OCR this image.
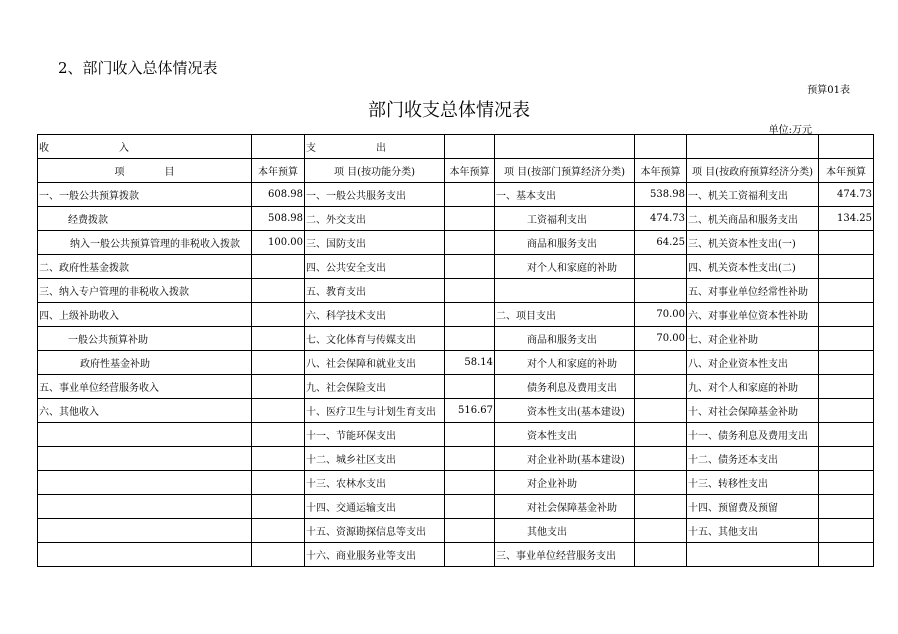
2、部门收入总体情况表
预算01表
部门收支总体情况表
单位:万元
收　　　　　　　入		支　　　　　　出					
项　　　　目	本年预算	项 目(按功能分类)	本年预算	项 目(按部门预算经济分类)	本年预算	项 目(按政府预算经济分类)	本年预算
一、一般公共预算拨款	608.98	一、一般公共服务支出		一、基本支出	538.98	一、机关工资福利支出	474.73
经费拨款	508.98	二、外交支出		工资福利支出	474.73	二、机关商品和服务支出	134.25
纳入一般公共预算管理的非税收入拨款	100.00	三、国防支出		商品和服务支出	64.25	三、机关资本性支出(一)	
二、政府性基金拨款		四、公共安全支出		对个人和家庭的补助		四、机关资本性支出(二)	
三、纳入专户管理的非税收入拨款		五、教育支出				五、对事业单位经常性补助	
四、上级补助收入		六、科学技术支出		二、项目支出	70.00	六、对事业单位资本性补助	
一般公共预算补助		七、文化体育与传媒支出		商品和服务支出	70.00	七、对企业补助	
政府性基金补助		八、社会保障和就业支出	58.14	对个人和家庭的补助		八、对企业资本性支出	
五、事业单位经营服务收入		九、社会保险支出		债务利息及费用支出		九、对个人和家庭的补助	
六、其他收入		十、医疗卫生与计划生育支出	516.67	资本性支出(基本建设)		十、对社会保障基金补助	
		十一、节能环保支出		资本性支出		十一、债务利息及费用支出	
		十二、城乡社区支出		对企业补助(基本建设)		十二、债务还本支出	
		十三、农林水支出		对企业补助		十三、转移性支出	
		十四、交通运输支出		对社会保障基金补助		十四、预留费及预留	
		十五、资源勘探信息等支出		其他支出		十五、其他支出	
		十六、商业服务业等支出		三、事业单位经营服务支出			
